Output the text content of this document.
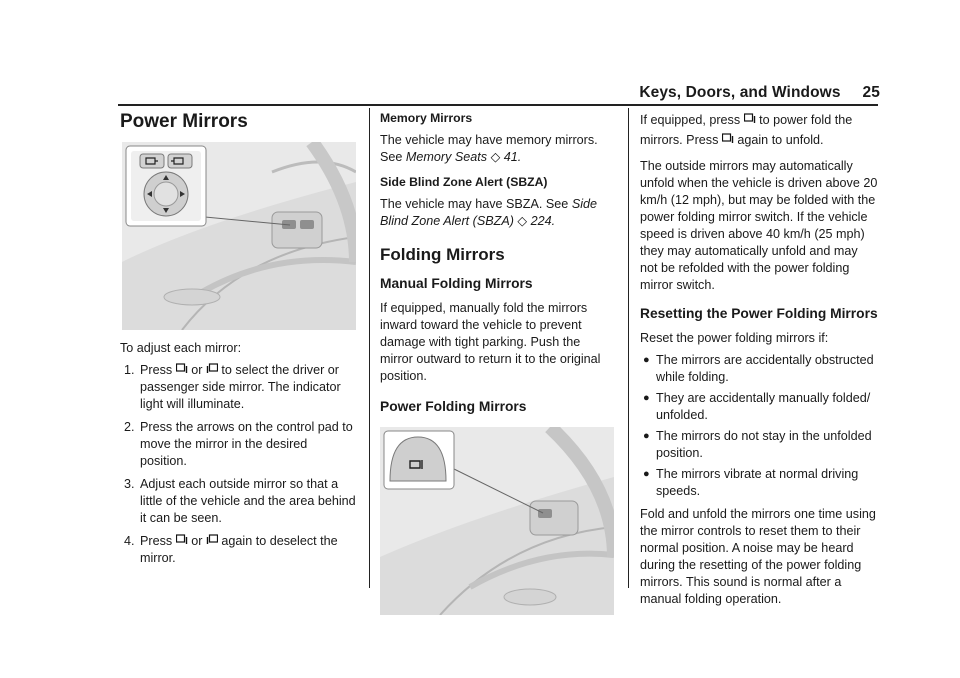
Keys, Doors, and Windows 25
Power Mirrors

To adjust each mirror:

1. Press or to select the driver or passenger side mirror. The indicator light will illuminate.
2. Press the arrows on the control pad to move the mirror in the desired position.
3. Adjust each outside mirror so that a little of the vehicle and the area behind it can be seen.
4. Press or again to deselect the mirror.
Memory Mirrors

The vehicle may have memory mirrors. See Memory Seats ◇ 41.

Side Blind Zone Alert (SBZA)

The vehicle may have SBZA. See Side Blind Zone Alert (SBZA) ◇ 224.

Folding Mirrors
Manual Folding Mirrors

If equipped, manually fold the mirrors inward toward the vehicle to prevent damage with tight parking. Push the mirror outward to return it to the original position.

Power Folding Mirrors

If equipped, press to power fold the mirrors. Press again to unfold.

The outside mirrors may automatically unfold when the vehicle is driven above 20 km/h (12 mph), but may be folded with the power folding mirror switch. If the vehicle speed is driven above 40 km/h (25 mph) they may automatically unfold and may not be refolded with the power folding mirror switch.

Resetting the Power Folding Mirrors

Reset the power folding mirrors if:

● The mirrors are accidentally obstructed while folding.
● They are accidentally manually folded/ unfolded.
● The mirrors do not stay in the unfolded position.
● The mirrors vibrate at normal driving speeds.

Fold and unfold the mirrors one time using the mirror controls to reset them to their normal position. A noise may be heard during the resetting of the power folding mirrors. This sound is normal after a manual folding operation.
